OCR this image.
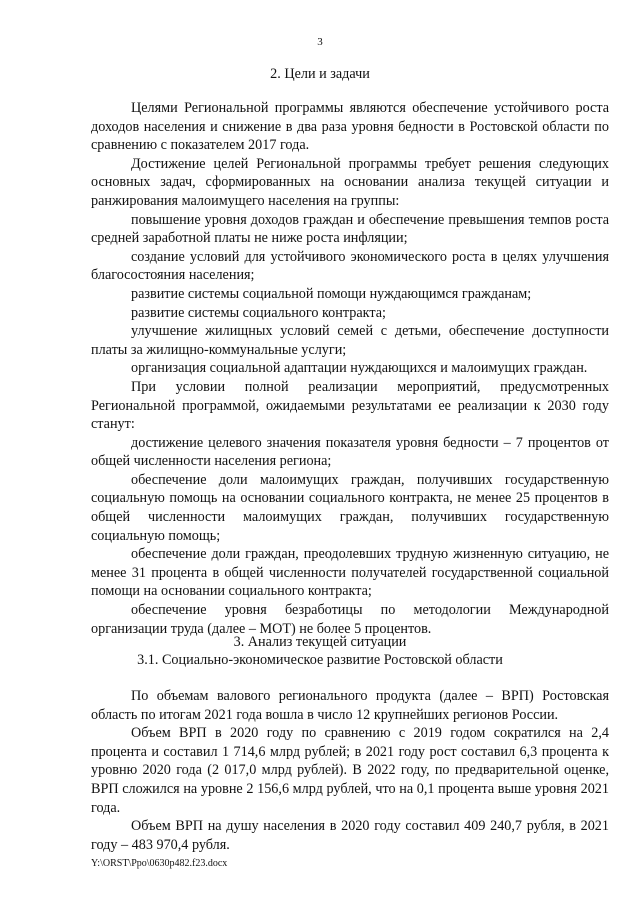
3
2. Цели и задачи

Целями Региональной программы являются обеспечение устойчивого роста доходов населения и снижение в два раза уровня бедности в Ростовской области по сравнению с показателем 2017 года.

Достижение целей Региональной программы требует решения следующих основных задач, сформированных на основании анализа текущей ситуации и ранжирования малоимущего населения на группы:

повышение уровня доходов граждан и обеспечение превышения темпов роста средней заработной платы не ниже роста инфляции;

создание условий для устойчивого экономического роста в целях улучшения благосостояния населения;

развитие системы социальной помощи нуждающимся гражданам;

развитие системы социального контракта;

улучшение жилищных условий семей с детьми, обеспечение доступности платы за жилищно-коммунальные услуги;

организация социальной адаптации нуждающихся и малоимущих граждан.

При условии полной реализации мероприятий, предусмотренных Региональной программой, ожидаемыми результатами ее реализации к 2030 году станут:

достижение целевого значения показателя уровня бедности – 7 процентов от общей численности населения региона;

обеспечение доли малоимущих граждан, получивших государственную социальную помощь на основании социального контракта, не менее 25 процентов в общей численности малоимущих граждан, получивших государственную социальную помощь;

обеспечение доли граждан, преодолевших трудную жизненную ситуацию, не менее 31 процента в общей численности получателей государственной социальной помощи на основании социального контракта;

обеспечение уровня безработицы по методологии Международной организации труда (далее – МОТ) не более 5 процентов.

3. Анализ текущей ситуации
3.1. Социально-экономическое развитие Ростовской области

По объемам валового регионального продукта (далее – ВРП) Ростовская область по итогам 2021 года вошла в число 12 крупнейших регионов России.

Объем ВРП в 2020 году по сравнению с 2019 годом сократился на 2,4 процента и составил 1 714,6 млрд рублей; в 2021 году рост составил 6,3 процента к уровню 2020 года (2 017,0 млрд рублей). В 2022 году, по предварительной оценке, ВРП сложился на уровне 2 156,6 млрд рублей, что на 0,1 процента выше уровня 2021 года.

Объем ВРП на душу населения в 2020 году составил 409 240,7 рубля, в 2021 году – 483 970,4 рубля.

Y:\ORST\Ppo\0630p482.f23.docx
